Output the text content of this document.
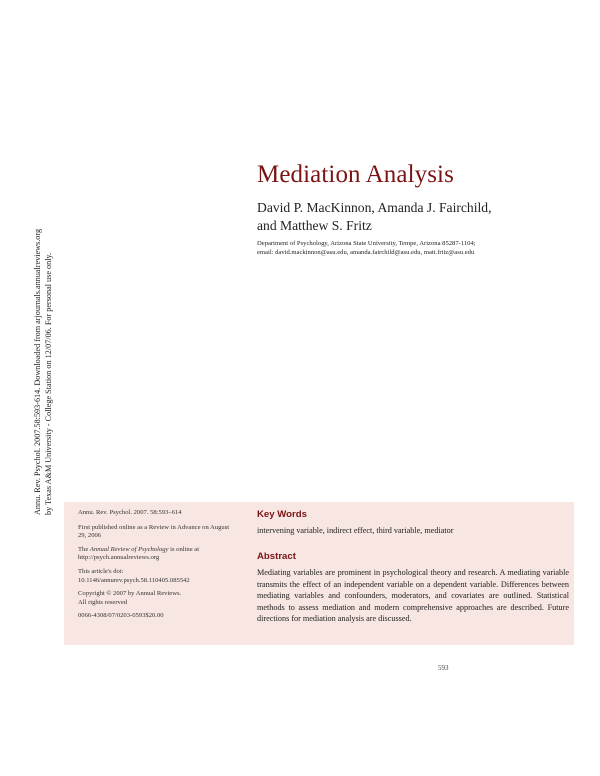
Annu. Rev. Psychol. 2007.58:593-614. Downloaded from arjournals.annualreviews.org by Texas A&M University - College Station on 12/07/06. For personal use only.
Mediation Analysis
David P. MacKinnon, Amanda J. Fairchild,
and Matthew S. Fritz
Department of Psychology, Arizona State University, Tempe, Arizona 85287-1104;
email: david.mackinnon@asu.edu, amanda.fairchild@asu.edu, matt.fritz@asu.edu

Annu. Rev. Psychol. 2007. 58:593–614

First published online as a Review in Advance on August 29, 2006

The Annual Review of Psychology is online at http://psych.annualreviews.org

This article's doi:
10.1146/annurev.psych.58.110405.085542

Copyright © 2007 by Annual Reviews.
All rights reserved

0066-4308/07/0203-0593$20.00

Key Words

intervening variable, indirect effect, third variable, mediator

Abstract

Mediating variables are prominent in psychological theory and research. A mediating variable transmits the effect of an independent variable on a dependent variable. Differences between mediating variables and confounders, moderators, and covariates are outlined. Statistical methods to assess mediation and modern comprehensive approaches are described. Future directions for mediation analysis are discussed.

593
